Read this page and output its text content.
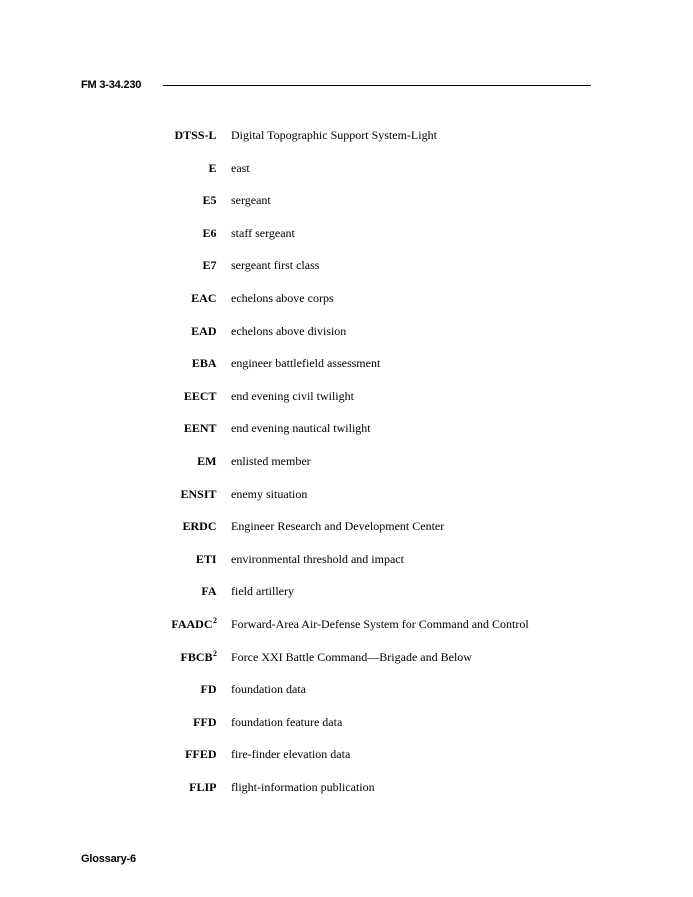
FM 3-34.230
DTSS-L Digital Topographic Support System-Light
E east
E5 sergeant
E6 staff sergeant
E7 sergeant first class
EAC echelons above corps
EAD echelons above division
EBA engineer battlefield assessment
EECT end evening civil twilight
EENT end evening nautical twilight
EM enlisted member
ENSIT enemy situation
ERDC Engineer Research and Development Center
ETI environmental threshold and impact
FA field artillery
FAADC$^2$ Forward-Area Air-Defense System for Command and Control
FBCB$^2$ Force XXI Battle Command—Brigade and Below
FD foundation data
FFD foundation feature data
FFED fire-finder elevation data
FLIP flight-information publication
Glossary-6
